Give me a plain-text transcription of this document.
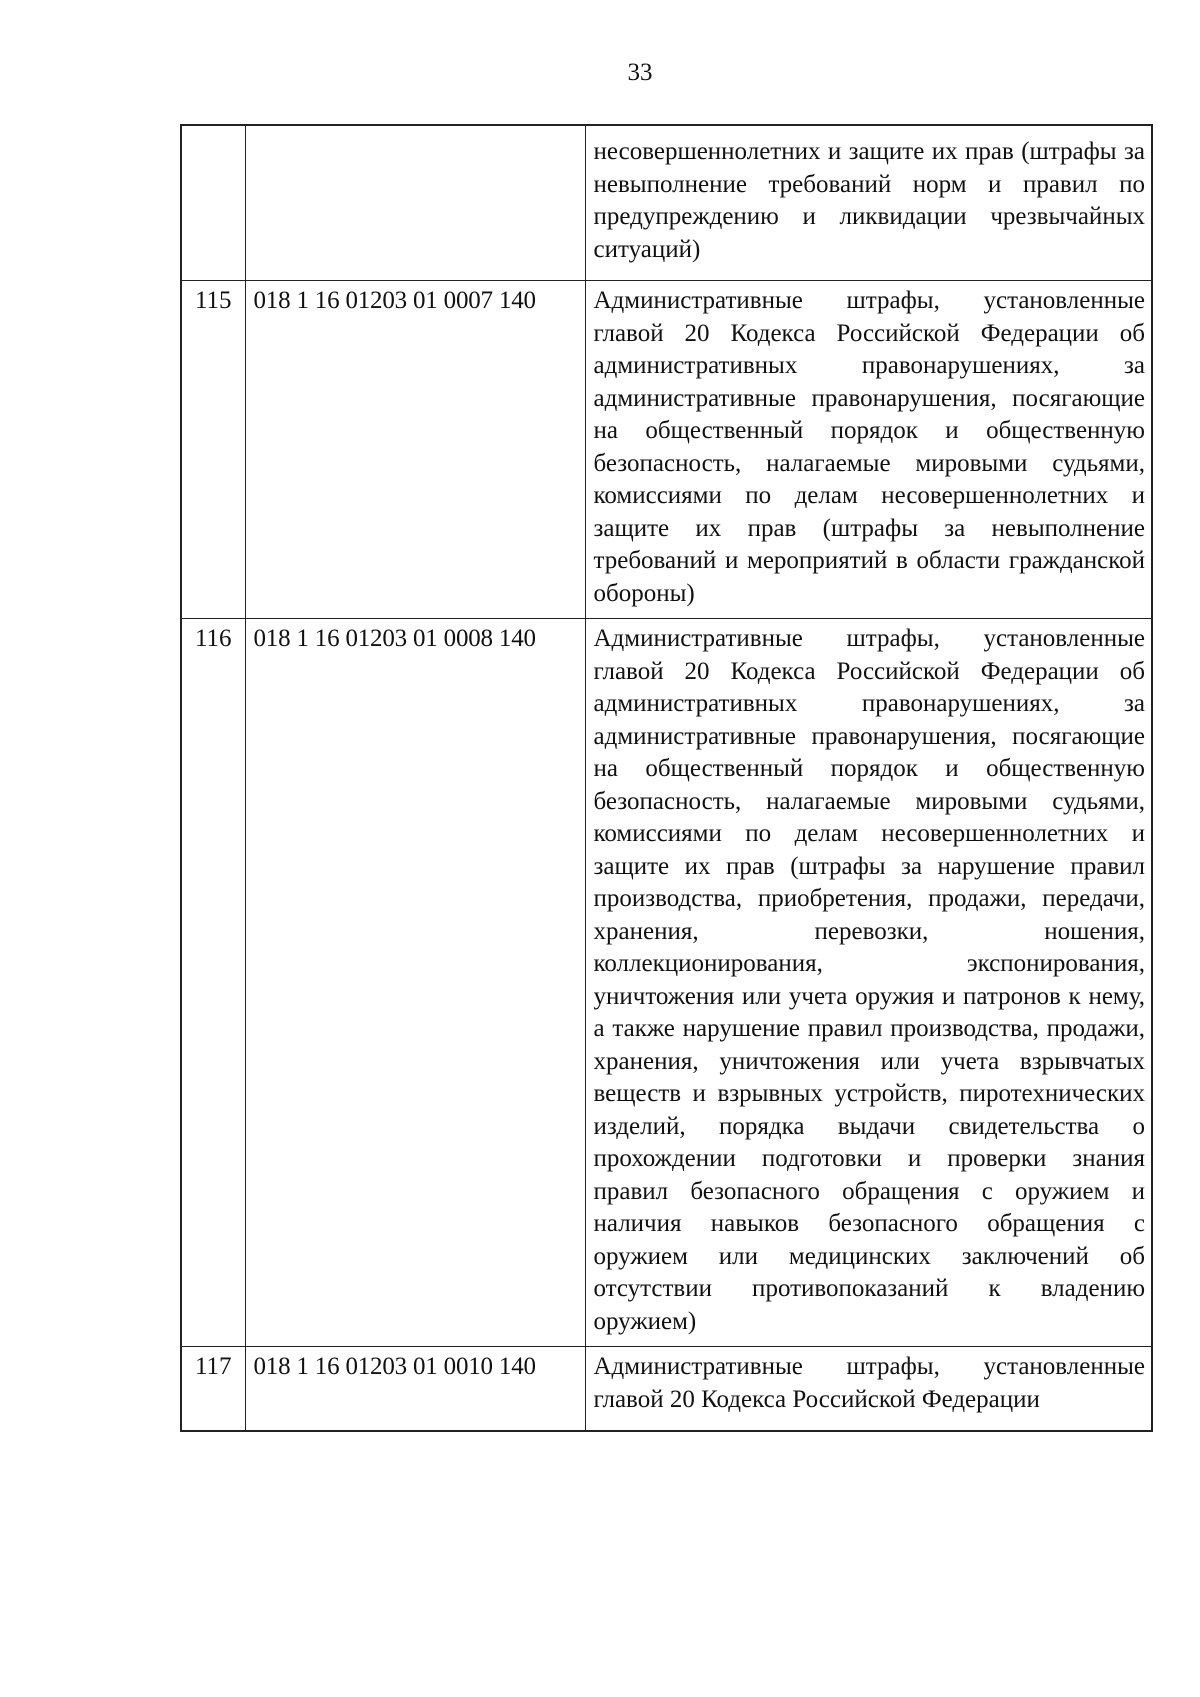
33

		несовершеннолетних и защите их прав (штрафы за невыполнение требований норм и правил по предупреждению и ликвидации чрезвычайных ситуаций)

115	018 1 16 01203 01 0007 140	Административные штрафы, установленные главой 20 Кодекса Российской Федерации об административных правонарушениях, за административные правонарушения, посягающие на общественный порядок и общественную безопасность, налагаемые мировыми судьями, комиссиями по делам несовершеннолетних и защите их прав (штрафы за невыполнение требований и мероприятий в области гражданской обороны)

116	018 1 16 01203 01 0008 140	Административные штрафы, установленные главой 20 Кодекса Российской Федерации об административных правонарушениях, за административные правонарушения, посягающие на общественный порядок и общественную безопасность, налагаемые мировыми судьями, комиссиями по делам несовершеннолетних и защите их прав (штрафы за нарушение правил производства, приобретения, продажи, передачи, хранения, перевозки, ношения, коллекционирования, экспонирования, уничтожения или учета оружия и патронов к нему, а также нарушение правил производства, продажи, хранения, уничтожения или учета взрывчатых веществ и взрывных устройств, пиротехнических изделий, порядка выдачи свидетельства о прохождении подготовки и проверки знания правил безопасного обращения с оружием и наличия навыков безопасного обращения с оружием или медицинских заключений об отсутствии противопоказаний к владению оружием)

117	018 1 16 01203 01 0010 140	Административные штрафы, установленные главой 20 Кодекса Российской Федерации
